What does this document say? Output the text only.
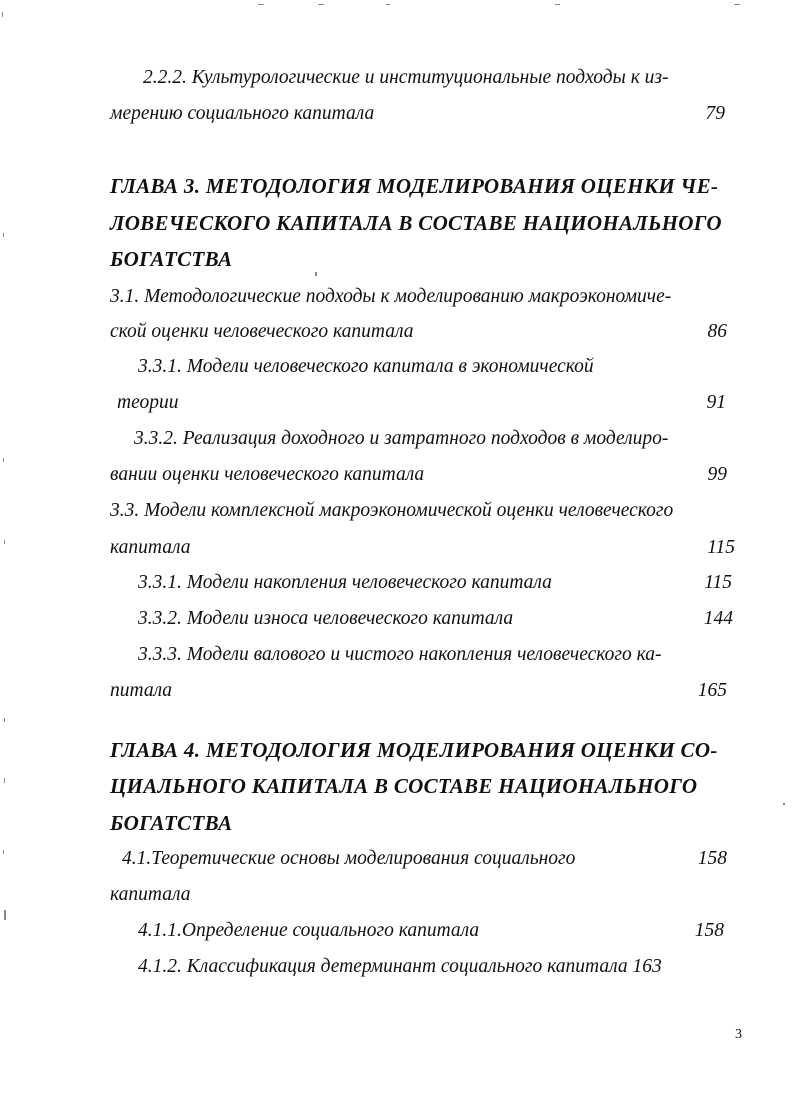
2.2.2. Культурологические и институциональные подходы к из-
мерению социального капитала	79
ГЛАВА 3. МЕТОДОЛОГИЯ МОДЕЛИРОВАНИЯ ОЦЕНКИ ЧЕ-
ЛОВЕЧЕСКОГО КАПИТАЛА В СОСТАВЕ НАЦИОНАЛЬНОГО
БОГАТСТВА
3.1. Методологические подходы к моделированию макроэкономиче-
ской оценки человеческого капитала	86
3.3.1. Модели человеческого капитала в экономической
теории	91
3.3.2. Реализация доходного и затратного подходов в моделиро-
вании оценки человеческого капитала	99
3.3. Модели комплексной макроэкономической оценки человеческого
капитала	115
3.3.1. Модели накопления человеческого капитала	115
3.3.2. Модели износа человеческого капитала	144
3.3.3. Модели валового и чистого накопления человеческого ка-
питала	165
ГЛАВА 4. МЕТОДОЛОГИЯ МОДЕЛИРОВАНИЯ ОЦЕНКИ СО-
ЦИАЛЬНОГО КАПИТАЛА В СОСТАВЕ НАЦИОНАЛЬНОГО
БОГАТСТВА
4.1.Теоретические основы моделирования социального	158
капитала
4.1.1.Определение социального капитала	158
4.1.2. Классификация детерминант социального капитала 163
3
